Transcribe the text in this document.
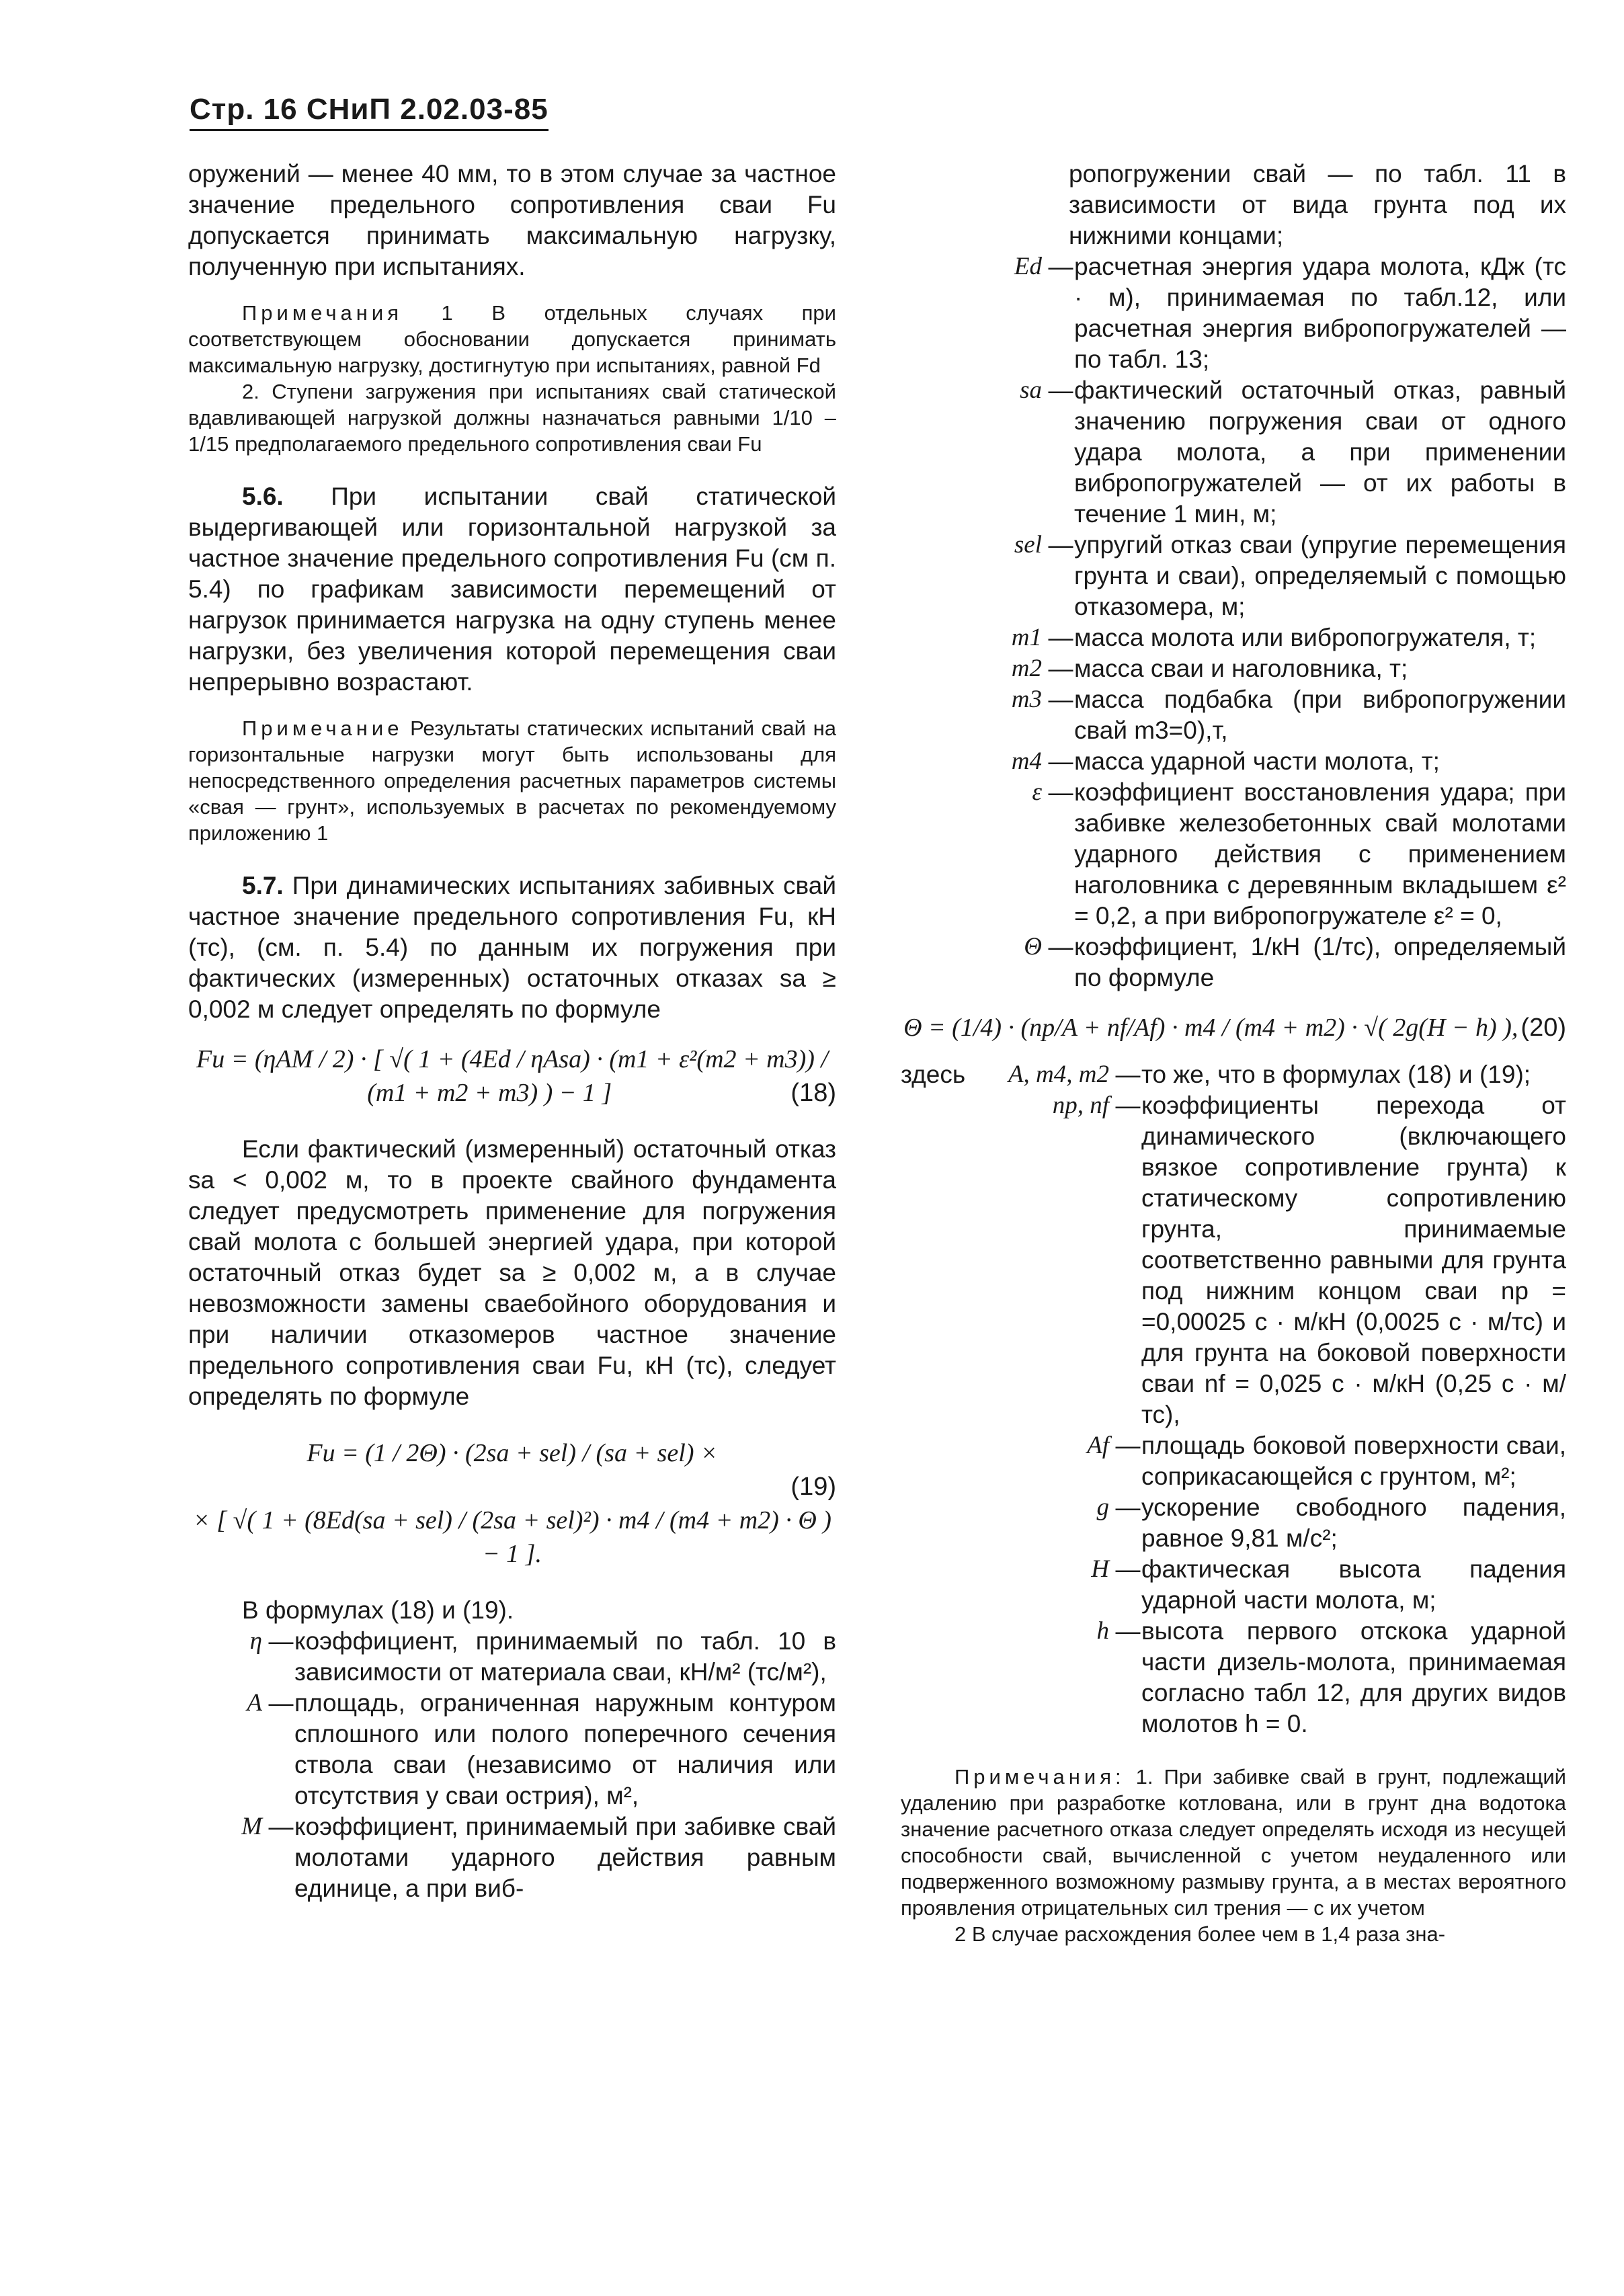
Стр. 16 СНиП 2.02.03-85

оружений — менее 40 мм, то в этом случае за частное значение предельного сопротивления сваи Fu допускается принимать максимальную нагрузку, полученную при испытаниях.

Примечания 1 В отдельных случаях при соответствующем обосновании допускается принимать максимальную нагрузку, достигнутую при испытаниях, равной Fd

2. Ступени загружения при испытаниях свай статической вдавливающей нагрузкой должны назначаться равными 1/10 – 1/15 предполагаемого предельного сопротивления сваи Fu

5.6. При испытании свай статической выдергивающей или горизонтальной нагрузкой за частное значение предельного сопротивления Fu (см п. 5.4) по графикам зависимости перемещений от нагрузок принимается нагрузка на одну ступень менее нагрузки, без увеличения которой перемещения сваи непрерывно возрастают.

Примечание Результаты статических испытаний свай на горизонтальные нагрузки могут быть использованы для непосредственного определения расчетных параметров системы «свая — грунт», используемых в расчетах по рекомендуемому приложению 1

5.7. При динамических испытаниях забивных свай частное значение предельного сопротивления Fu, кН (тс), (см. п. 5.4) по данным их погружения при фактических (измеренных) остаточных отказах sa ≥ 0,002 м следует определять по формуле

Fu = (ηAM / 2) · [ √( 1 + (4Ed / ηAsa) · (m1 + ε²(m2 + m3)) / (m1 + m2 + m3) ) − 1 ]	(18)

Если фактический (измеренный) остаточный отказ sa < 0,002 м, то в проекте свайного фундамента следует предусмотреть применение для погружения свай молота с большей энергией удара, при которой остаточный отказ будет sa ≥ 0,002 м, а в случае невозможности замены сваебойного оборудования и при наличии отказомеров частное значение предельного сопротивления сваи Fu, кН (тс), следует определять по формуле

Fu = (1 / 2Θ) · (2sa + sel) / (sa + sel) ×
(19)
× [ √( 1 + (8Ed(sa + sel) / (2sa + sel)²) · m4 / (m4 + m2) · Θ ) − 1 ].

В формулах (18) и (19).

η	—	коэффициент, принимаемый по табл. 10 в зависимости от материала сваи, кН/м² (тс/м²),
A	—	площадь, ограниченная наружным контуром сплошного или полого поперечного сечения ствола сваи (независимо от наличия или отсутствия у сваи острия), м²,
M	—	коэффициент, принимаемый при забивке свай молотами ударного действия равным единице, а при виб-

ропогружении свай — по табл. 11 в зависимости от вида грунта под их нижними концами;

Ed	—	расчетная энергия удара молота, кДж (тс · м), принимаемая по табл.12, или расчетная энергия вибропогружателей — по табл. 13;
sa	—	фактический остаточный отказ, равный значению погружения сваи от одного удара молота, а при применении вибропогружателей — от их работы в течение 1 мин, м;
sel	—	упругий отказ сваи (упругие перемещения грунта и сваи), определяемый с помощью отказомера, м;
m1	—	масса молота или вибропогружателя, т;
m2	—	масса сваи и наголовника, т;
m3	—	масса подбабка (при вибропогружении свай m3=0),т,
m4	—	масса ударной части молота, т;
ε	—	коэффициент восстановления удара; при забивке железобетонных свай молотами ударного действия с применением наголовника с деревянным вкладышем ε² = 0,2, а при вибропогружателе ε² = 0,
Θ	—	коэффициент, 1/кН (1/тс), определяемый по формуле
Θ = (1/4) · (np/A + nf/Af) · m4 / (m4 + m2) · √( 2g(H − h) ), (20)
здесь	A, m4, m2	—	то же, что в формулах (18) и (19);
	np, nf	—	коэффициенты перехода от динамического (включающего вязкое сопротивление грунта) к статическому сопротивлению грунта, принимаемые соответственно равными для грунта под нижним концом сваи np = =0,00025 с · м/кН (0,0025 с · м/тс) и для грунта на боковой поверхности сваи nf = 0,025 с · м/кН (0,25 с · м/тс),
	Af	—	площадь боковой поверхности сваи, соприкасающейся с грунтом, м²;
	g	—	ускорение свободного падения, равное 9,81 м/с²;
	H	—	фактическая высота падения ударной части молота, м;
	h	—	высота первого отскока ударной части дизель-молота, принимаемая согласно табл 12, для других видов молотов h = 0.

Примечания: 1. При забивке свай в грунт, подлежащий удалению при разработке котлована, или в грунт дна водотока значение расчетного отказа следует определять исходя из несущей способности свай, вычисленной с учетом неудаленного или подверженного возможному размыву грунта, а в местах вероятного проявления отрицательных сил трения — с их учетом

2 В случае расхождения более чем в 1,4 раза зна-
